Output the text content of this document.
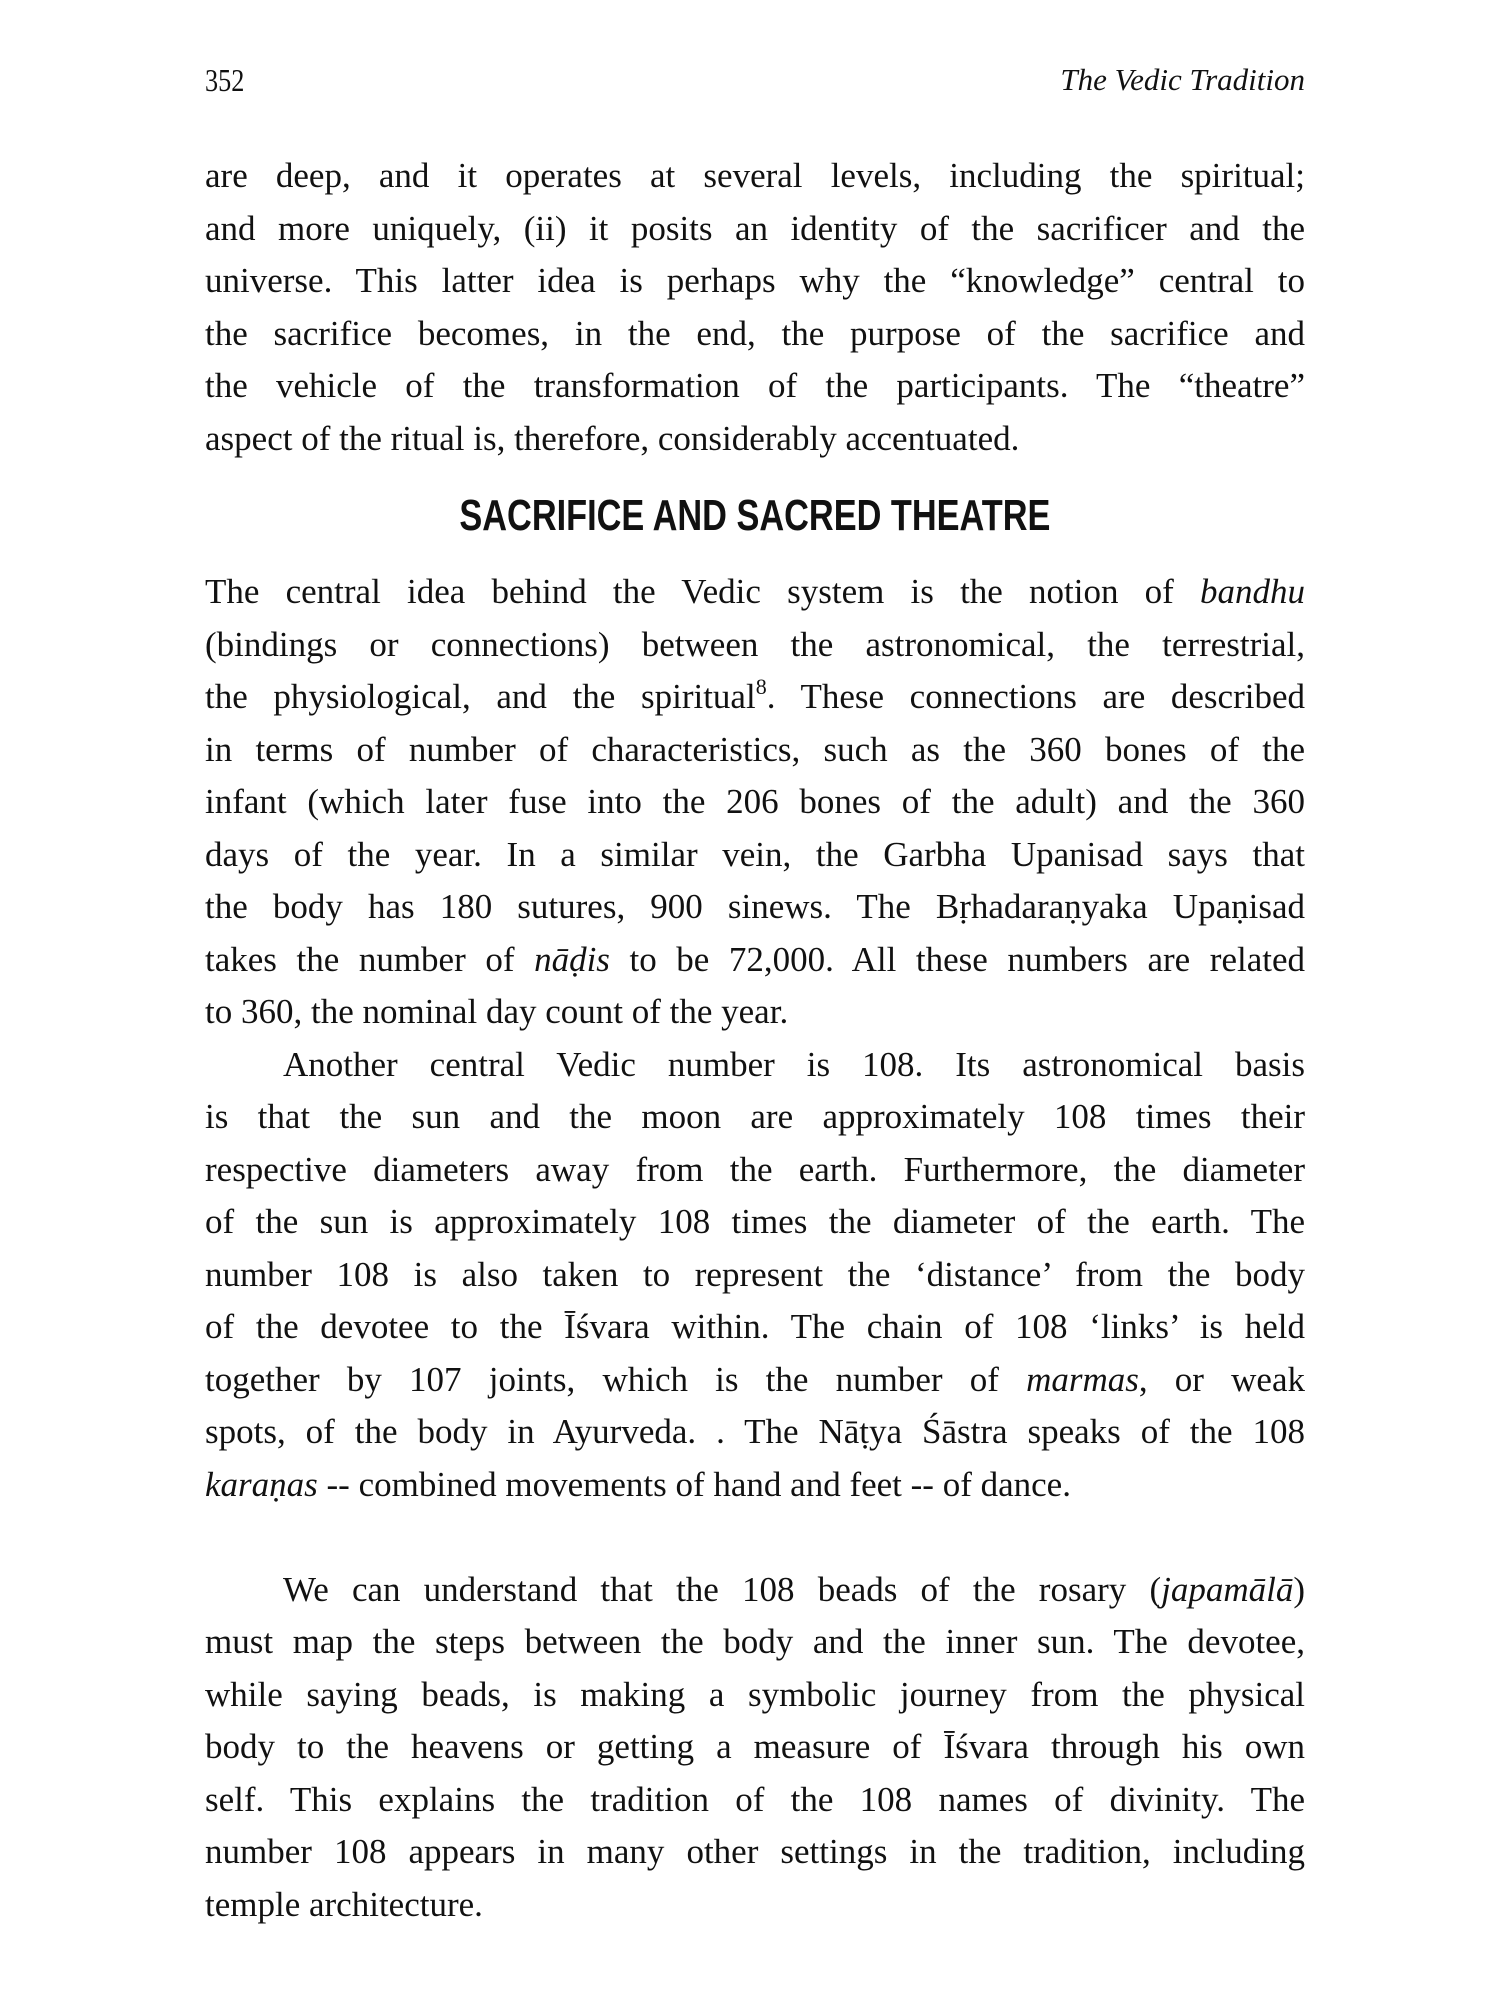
352	The Vedic Tradition
are deep, and it operates at several levels, including the spiritual;
and more uniquely, (ii) it posits an identity of the sacrificer and the
universe. This latter idea is perhaps why the “knowledge” central to
the sacrifice becomes, in the end, the purpose of the sacrifice and
the vehicle of the transformation of the participants. The “theatre”
aspect of the ritual is, therefore, considerably accentuated.
SACRIFICE AND SACRED THEATRE
The central idea behind the Vedic system is the notion of bandhu
(bindings or connections) between the astronomical, the terrestrial,
the physiological, and the spiritual$^8$. These connections are described
in terms of number of characteristics, such as the 360 bones of the
infant (which later fuse into the 206 bones of the adult) and the 360
days of the year. In a similar vein, the Garbha Upanisad says that
the body has 180 sutures, 900 sinews. The Bṛhadaraṇyaka Upaṇisad
takes the number of nāḍis to be 72,000. All these numbers are related
to 360, the nominal day count of the year.
Another central Vedic number is 108. Its astronomical basis
is that the sun and the moon are approximately 108 times their
respective diameters away from the earth. Furthermore, the diameter
of the sun is approximately 108 times the diameter of the earth. The
number 108 is also taken to represent the ‘distance’ from the body
of the devotee to the Īśvara within. The chain of 108 ‘links’ is held
together by 107 joints, which is the number of marmas, or weak
spots, of the body in Ayurveda. . The Nāṭya Śāstra speaks of the 108
karaṇas -- combined movements of hand and feet -- of dance.
We can understand that the 108 beads of the rosary (japamālā)
must map the steps between the body and the inner sun. The devotee,
while saying beads, is making a symbolic journey from the physical
body to the heavens or getting a measure of Īśvara through his own
self. This explains the tradition of the 108 names of divinity. The
number 108 appears in many other settings in the tradition, including
temple architecture.
